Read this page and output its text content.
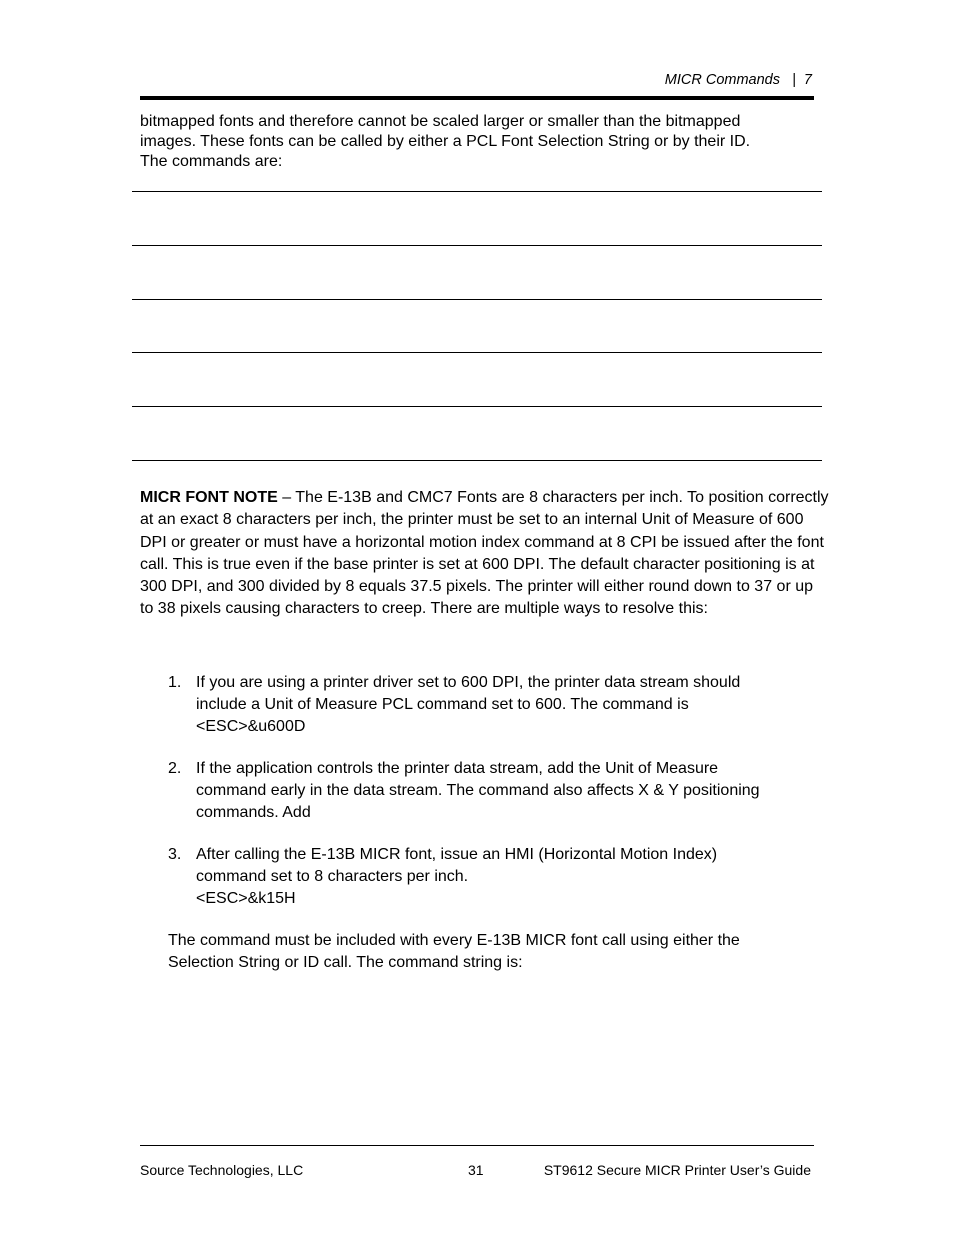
MICR Commands | 7
bitmapped fonts and therefore cannot be scaled larger or smaller than the bitmapped
images. These fonts can be called by either a PCL Font Selection String or by their ID.
The commands are:
MICR FONT NOTE – The E-13B and CMC7 Fonts are 8 characters per inch. To position correctly at an exact 8 characters per inch, the printer must be set to an internal Unit of Measure of 600 DPI or greater or must have a horizontal motion index command at 8 CPI be issued after the font call. This is true even if the base printer is set at 600 DPI. The default character positioning is at 300 DPI, and 300 divided by 8 equals 37.5 pixels. The printer will either round down to 37 or up to 38 pixels causing characters to creep. There are multiple ways to resolve this:
1. If you are using a printer driver set to 600 DPI, the printer data stream should
include a Unit of Measure PCL command set to 600. The command is
<ESC>&u600D
2. If the application controls the printer data stream, add the Unit of Measure
command early in the data stream. The command also affects X & Y positioning
commands. Add
3. After calling the E-13B MICR font, issue an HMI (Horizontal Motion Index)
command set to 8 characters per inch.
<ESC>&k15H
The command must be included with every E-13B MICR font call using either the
Selection String or ID call. The command string is:
Source Technologies, LLC	31	ST9612 Secure MICR Printer User’s Guide
